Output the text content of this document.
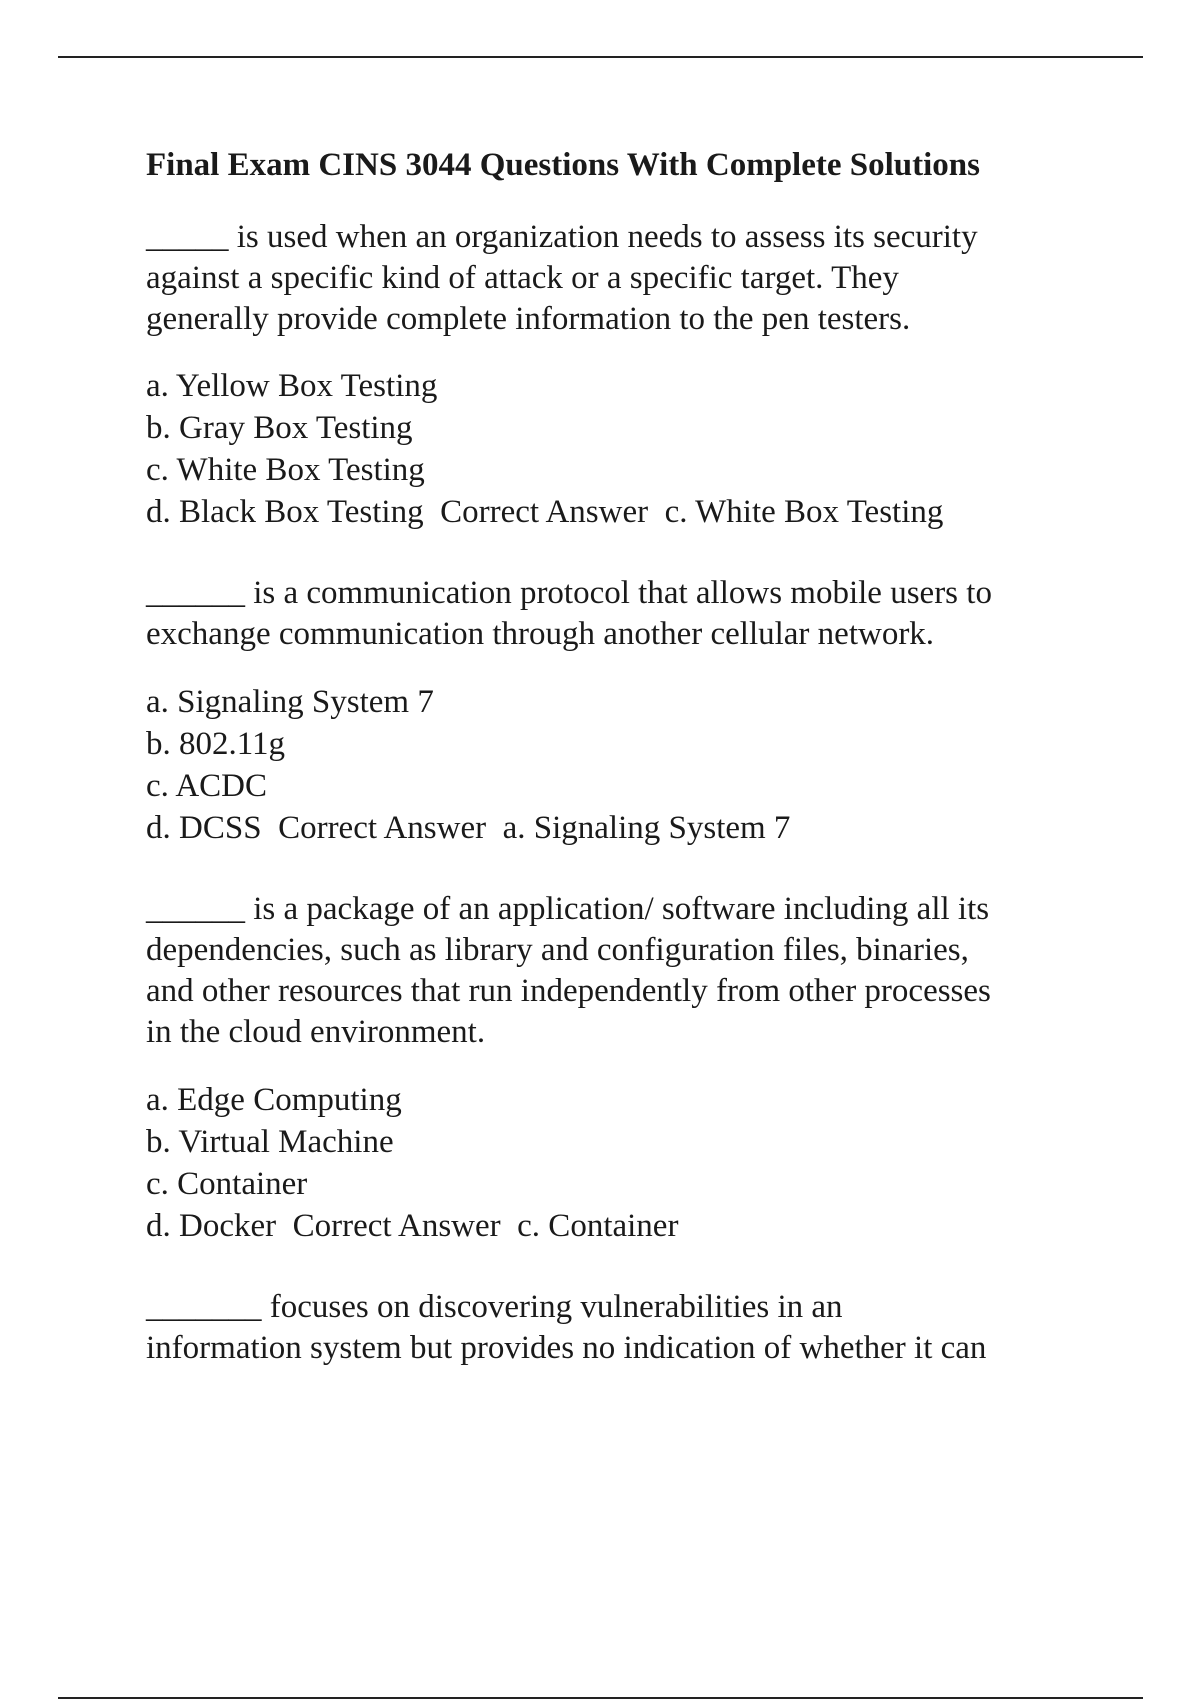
Final Exam CINS 3044 Questions With Complete Solutions
_____ is used when an organization needs to assess its security
against a specific kind of attack or a specific target. They
generally provide complete information to the pen testers.
a. Yellow Box Testing
b. Gray Box Testing
c. White Box Testing
d. Black Box Testing Correct Answer c. White Box Testing
______ is a communication protocol that allows mobile users to
exchange communication through another cellular network.
a. Signaling System 7
b. 802.11g
c. ACDC
d. DCSS Correct Answer a. Signaling System 7
______ is a package of an application/ software including all its
dependencies, such as library and configuration files, binaries,
and other resources that run independently from other processes
in the cloud environment.
a. Edge Computing
b. Virtual Machine
c. Container
d. Docker Correct Answer c. Container
_______ focuses on discovering vulnerabilities in an
information system but provides no indication of whether it can
